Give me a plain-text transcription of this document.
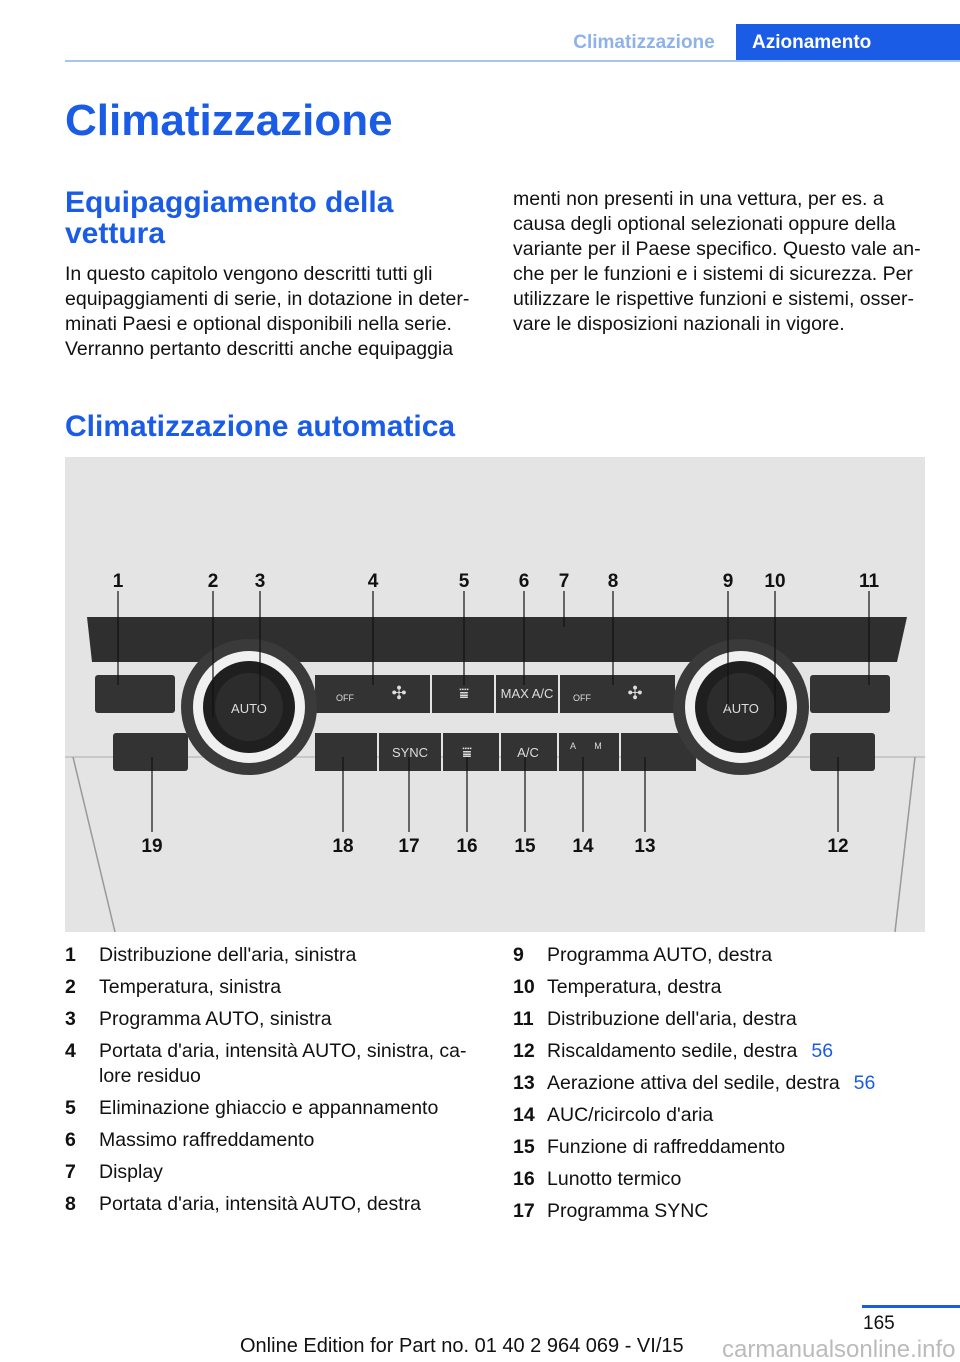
Climatizzazione	Azionamento
Climatizzazione
Equipaggiamento della vettura
In questo capitolo vengono descritti tutti gli equipaggiamenti di serie, in dotazione in determinati Paesi e optional disponibili nella serie. Verranno pertanto descritti anche equipaggia
menti non presenti in una vettura, per es. a causa degli optional selezionati oppure della variante per il Paese specifico. Questo vale anche per le funzioni e i sistemi di sicurezza. Per utilizzare le rispettive funzioni e sistemi, osservare le disposizioni nazionali in vigore.
Climatizzazione automatica
AUTO	AUTO
MAX A/C
SYNC	A/C
OFF	OFF
A M
✣	✣
⩸
⩸
1	2 3	4	5	6 7 8	9 10	11
19	18 17 16 15 14 13	12
1 Distribuzione dell'aria, sinistra
2 Temperatura, sinistra
3 Programma AUTO, sinistra
4 Portata d'aria, intensità AUTO, sinistra, calore residuo
5 Eliminazione ghiaccio e appannamento
6 Massimo raffreddamento
7 Display
8 Portata d'aria, intensità AUTO, destra
9 Programma AUTO, destra
10 Temperatura, destra
11 Distribuzione dell'aria, destra
12 Riscaldamento sedile, destra 56
13 Aerazione attiva del sedile, destra 56
14 AUC/ricircolo d'aria
15 Funzione di raffreddamento
16 Lunotto termico
17 Programma SYNC
165
Online Edition for Part no. 01 40 2 964 069 - VI/15 carmanualsonline.info
